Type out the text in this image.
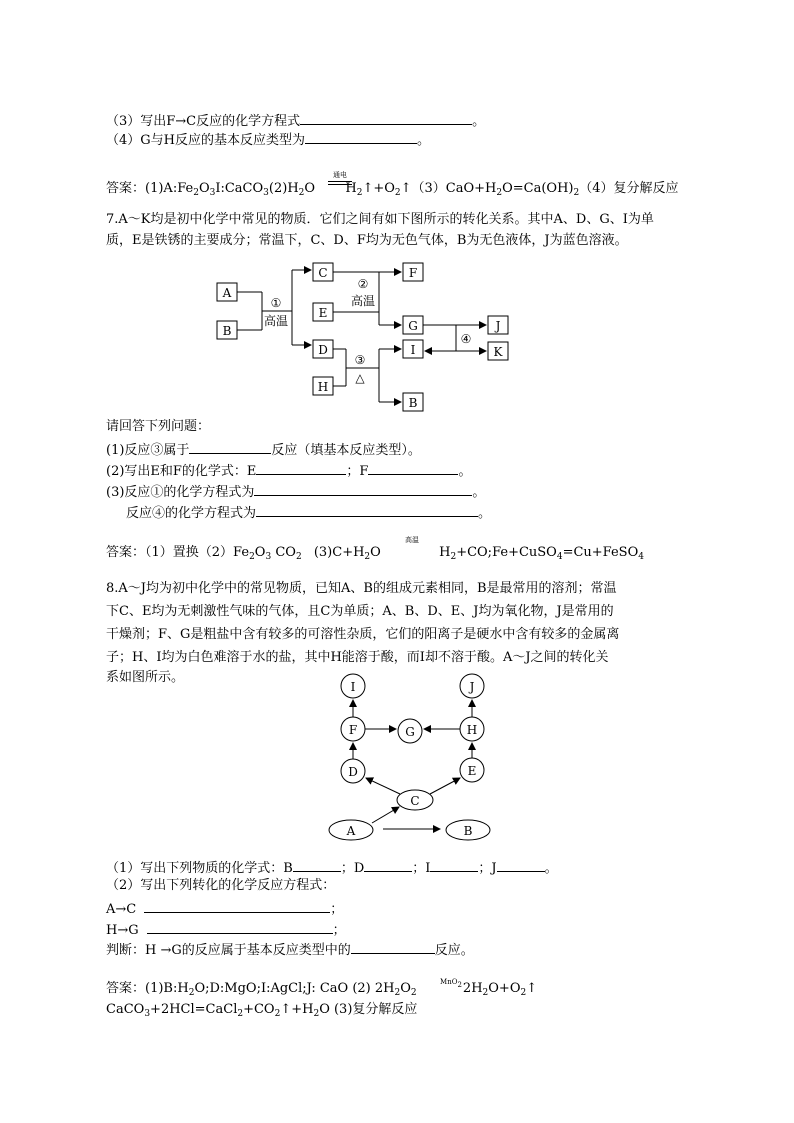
（3）写出F→C反应的化学方程式	。
（4）G与H反应的基本反应类型为	。
答案：$(1)A:Fe_2O_3I:CaCO_3(2)H_2O$ $H_2↑+O_2↑(3)CaO+H_2O=Ca(OH)_2(4)$复分解反应
通电
7.A～K均是初中化学中常见的物质．它们之间有如下图所示的转化关系。其中A、D、G、I为单
质，E是铁锈的主要成分；常温下，C、D、F均为无色气体，B为无色液体，J为蓝色溶液。
A
B
C
E
D
H
F
G
I
B
J
K
①
高温
②
高温
③
△
④
请回答下列问题：
(1)反应③属于	反应（填基本反应类型）。
(2)写出E和F的化学式：E	；F	。
(3)反应①的化学方程式为	。
反应④的化学方程式为	。
答案：（1）置换$(2)Fe_2O_3$ $CO_2$ $(3)C+H_2O$	$H_2+CO;Fe+CuSO_4=Cu+FeSO_4$
高温
8.A～J均为初中化学中的常见物质，已知A、B的组成元素相同，B是最常用的溶剂；常温
下C、E均为无刺激性气味的气体，且C为单质；A、B、D、E、J均为氧化物，J是常用的
干燥剂；F、G是粗盐中含有较多的可溶性杂质，它们的阳离子是硬水中含有较多的金属离
子；H、I均为白色难溶于水的盐，其中H能溶于酸，而I却不溶于酸。A～J之间的转化关
系如图所示。
I	J
F	G	H
D	E
C
A	B
（1）写出下列物质的化学式：B	；D	；I	；J	。
（2）写出下列转化的化学反应方程式：
A→C	；
H→G	；
判断：H →G的反应属于基本反应类型中的	反应。
答案：$(1)B:H_2O;D:MgO;I:AgCl;J$: CaO (2) $2H_2O_2$	$2H_2O+O_2↑$
MnO$_2$
$CaCO_3+2HCl=CaCl_2+CO_2↑+H_2O$ (3)复分解反应
